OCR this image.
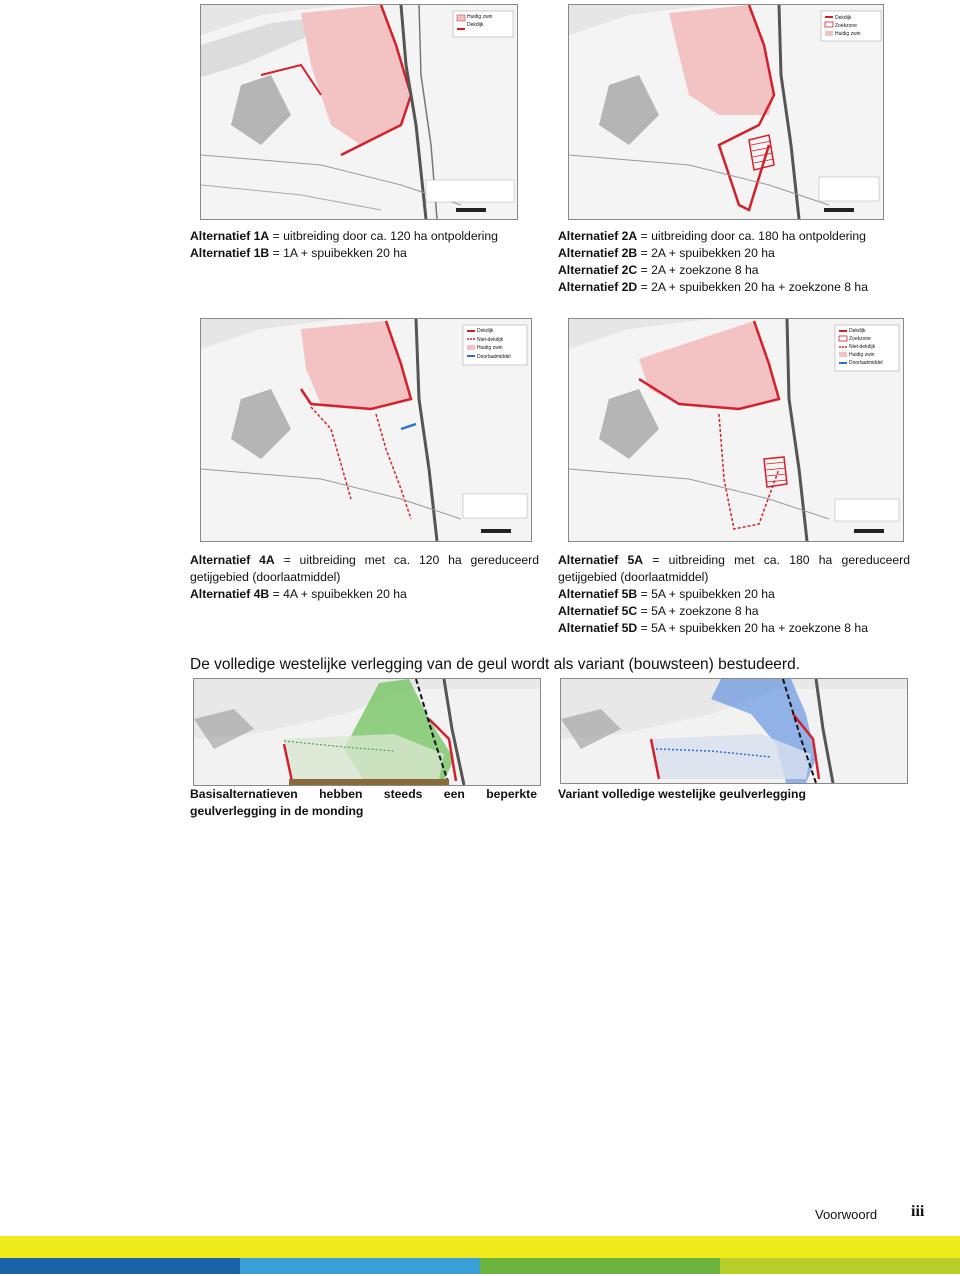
Huidig zwin
Dekdijk
Dekdijk
Zoekzone
Huidig zwin
Alternatief 1A = uitbreiding door ca. 120 ha ontpoldering
Alternatief 1B = 1A + spuibekken 20 ha
Alternatief 2A = uitbreiding door ca. 180 ha ontpoldering
Alternatief 2B = 2A + spuibekken 20 ha
Alternatief 2C = 2A + zoekzone 8 ha
Alternatief 2D = 2A + spuibekken 20 ha + zoekzone 8 ha
Dekdijk
Niet-dekdijk
Huidig zwin
Doorlaatmiddel
Dekdijk
Zoekzone
Niet-dekdijk
Huidig zwin
Doorlaatmiddel
Alternatief 4A = uitbreiding met ca. 120 ha gereduceerd
getijgebied (doorlaatmiddel)
Alternatief 4B = 4A + spuibekken 20 ha
Alternatief 5A = uitbreiding met ca. 180 ha gereduceerd
getijgebied (doorlaatmiddel)
Alternatief 5B = 5A + spuibekken 20 ha
Alternatief 5C = 5A + zoekzone 8 ha
Alternatief 5D = 5A + spuibekken 20 ha + zoekzone 8 ha
De volledige westelijke verlegging van de geul wordt als variant (bouwsteen) bestudeerd.
Basisalternatieven hebben steeds een beperkte
geulverlegging in de monding
Variant volledige westelijke geulverlegging
Voorwoord iii
